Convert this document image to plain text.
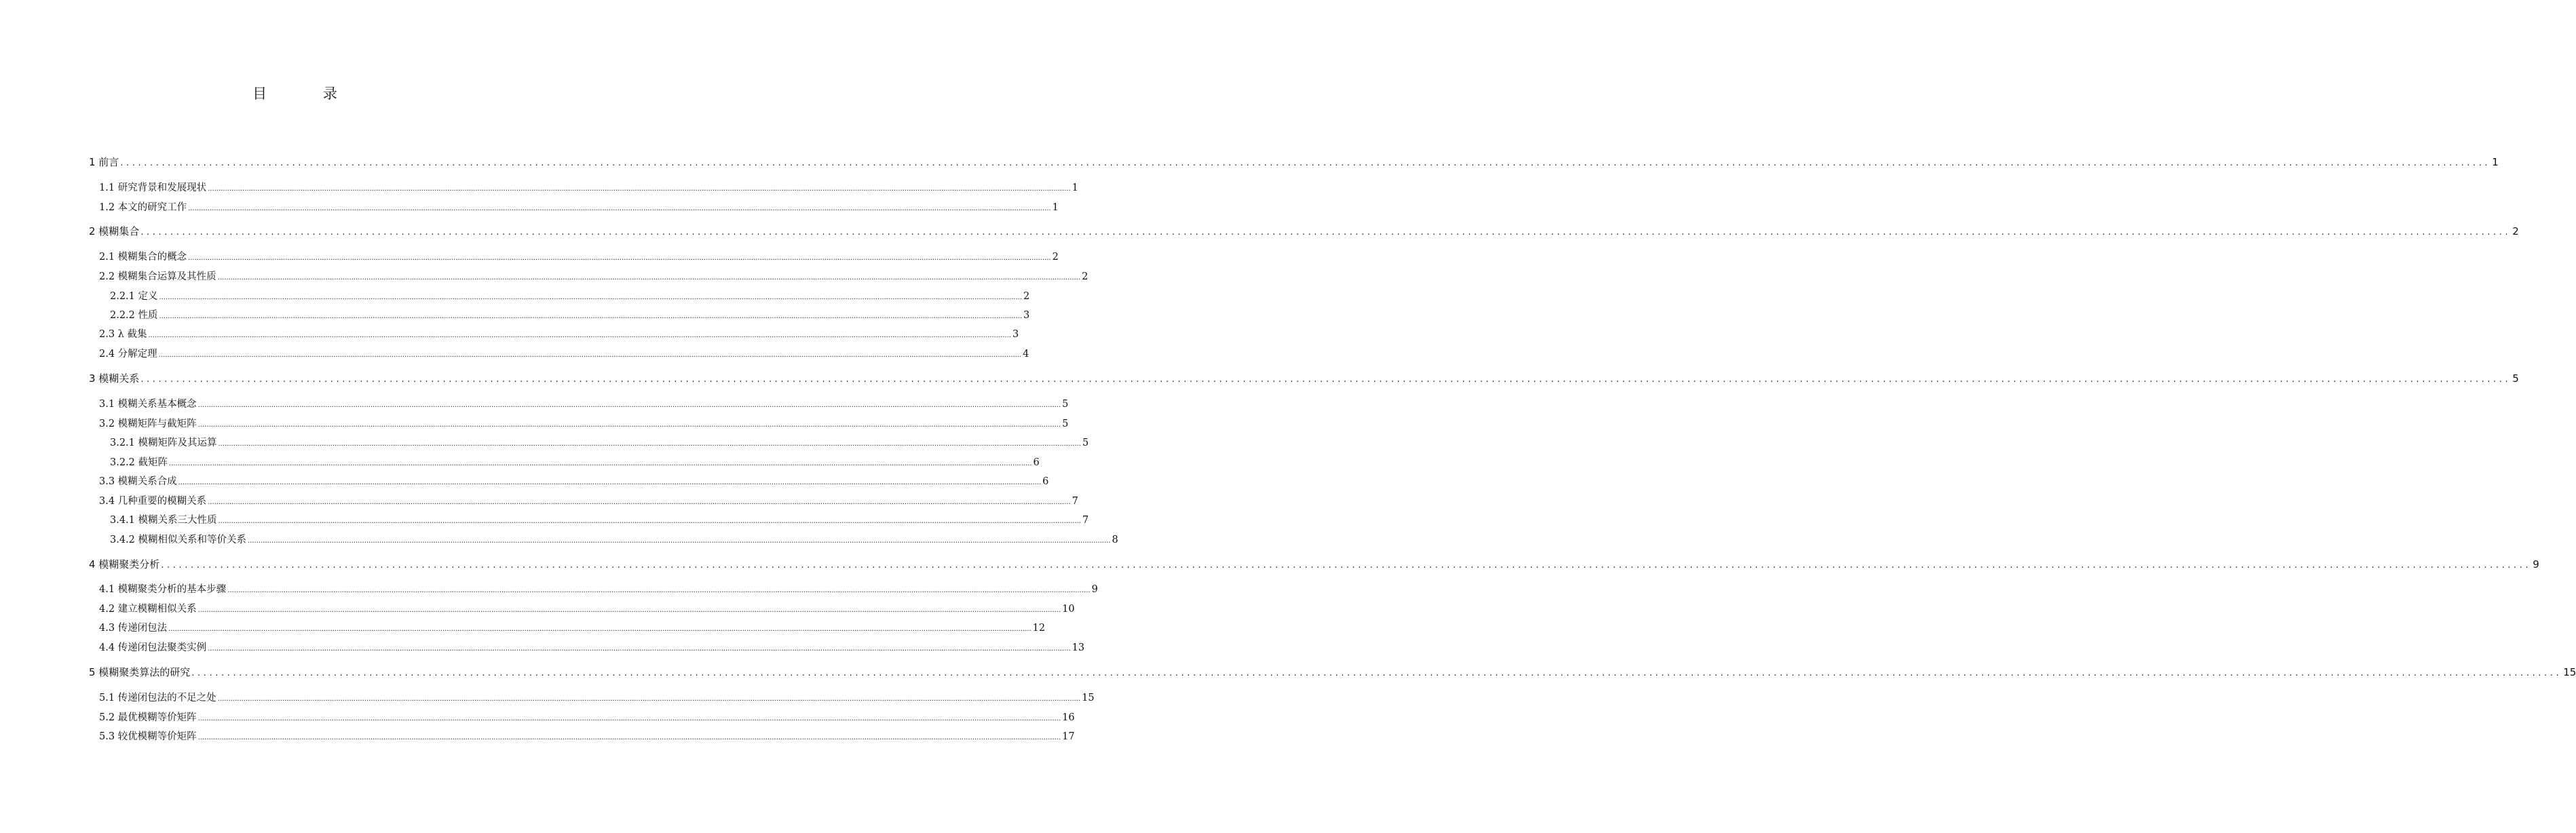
目 录
1 前言 ................................................................................................................................................................................................................................................................................................................................................................................................................ 1
1.1 研究背景和发展现状 ................................................................................................................................................................................................................................................................................................................................................................................................................ 1
1.2 本文的研究工作 ................................................................................................................................................................................................................................................................................................................................................................................................................ 1
2 模糊集合 ................................................................................................................................................................................................................................................................................................................................................................................................................ 2
2.1 模糊集合的概念 ................................................................................................................................................................................................................................................................................................................................................................................................................ 2
2.2 模糊集合运算及其性质 ................................................................................................................................................................................................................................................................................................................................................................................................................ 2
2.2.1 定义 ................................................................................................................................................................................................................................................................................................................................................................................................................ 2
2.2.2 性质 ................................................................................................................................................................................................................................................................................................................................................................................................................ 3
2.3 λ 截集 ................................................................................................................................................................................................................................................................................................................................................................................................................ 3
2.4 分解定理 ................................................................................................................................................................................................................................................................................................................................................................................................................ 4
3 模糊关系 ................................................................................................................................................................................................................................................................................................................................................................................................................ 5
3.1 模糊关系基本概念 ................................................................................................................................................................................................................................................................................................................................................................................................................ 5
3.2 模糊矩阵与截矩阵 ................................................................................................................................................................................................................................................................................................................................................................................................................ 5
3.2.1 模糊矩阵及其运算 ................................................................................................................................................................................................................................................................................................................................................................................................................ 5
3.2.2 截矩阵 ................................................................................................................................................................................................................................................................................................................................................................................................................ 6
3.3 模糊关系合成 ................................................................................................................................................................................................................................................................................................................................................................................................................ 6
3.4 几种重要的模糊关系 ................................................................................................................................................................................................................................................................................................................................................................................................................ 7
3.4.1 模糊关系三大性质 ................................................................................................................................................................................................................................................................................................................................................................................................................ 7
3.4.2 模糊相似关系和等价关系 ................................................................................................................................................................................................................................................................................................................................................................................................................ 8
4 模糊聚类分析 ................................................................................................................................................................................................................................................................................................................................................................................................................ 9
4.1 模糊聚类分析的基本步骤 ................................................................................................................................................................................................................................................................................................................................................................................................................ 9
4.2 建立模糊相似关系 ................................................................................................................................................................................................................................................................................................................................................................................................................ 10
4.3 传递闭包法 ................................................................................................................................................................................................................................................................................................................................................................................................................ 12
4.4 传递闭包法聚类实例 ................................................................................................................................................................................................................................................................................................................................................................................................................ 13
5 模糊聚类算法的研究 ................................................................................................................................................................................................................................................................................................................................................................................................................ 15
5.1 传递闭包法的不足之处 ................................................................................................................................................................................................................................................................................................................................................................................................................ 15
5.2 最优模糊等价矩阵 ................................................................................................................................................................................................................................................................................................................................................................................................................ 16
5.3 较优模糊等价矩阵 ................................................................................................................................................................................................................................................................................................................................................................................................................ 17
